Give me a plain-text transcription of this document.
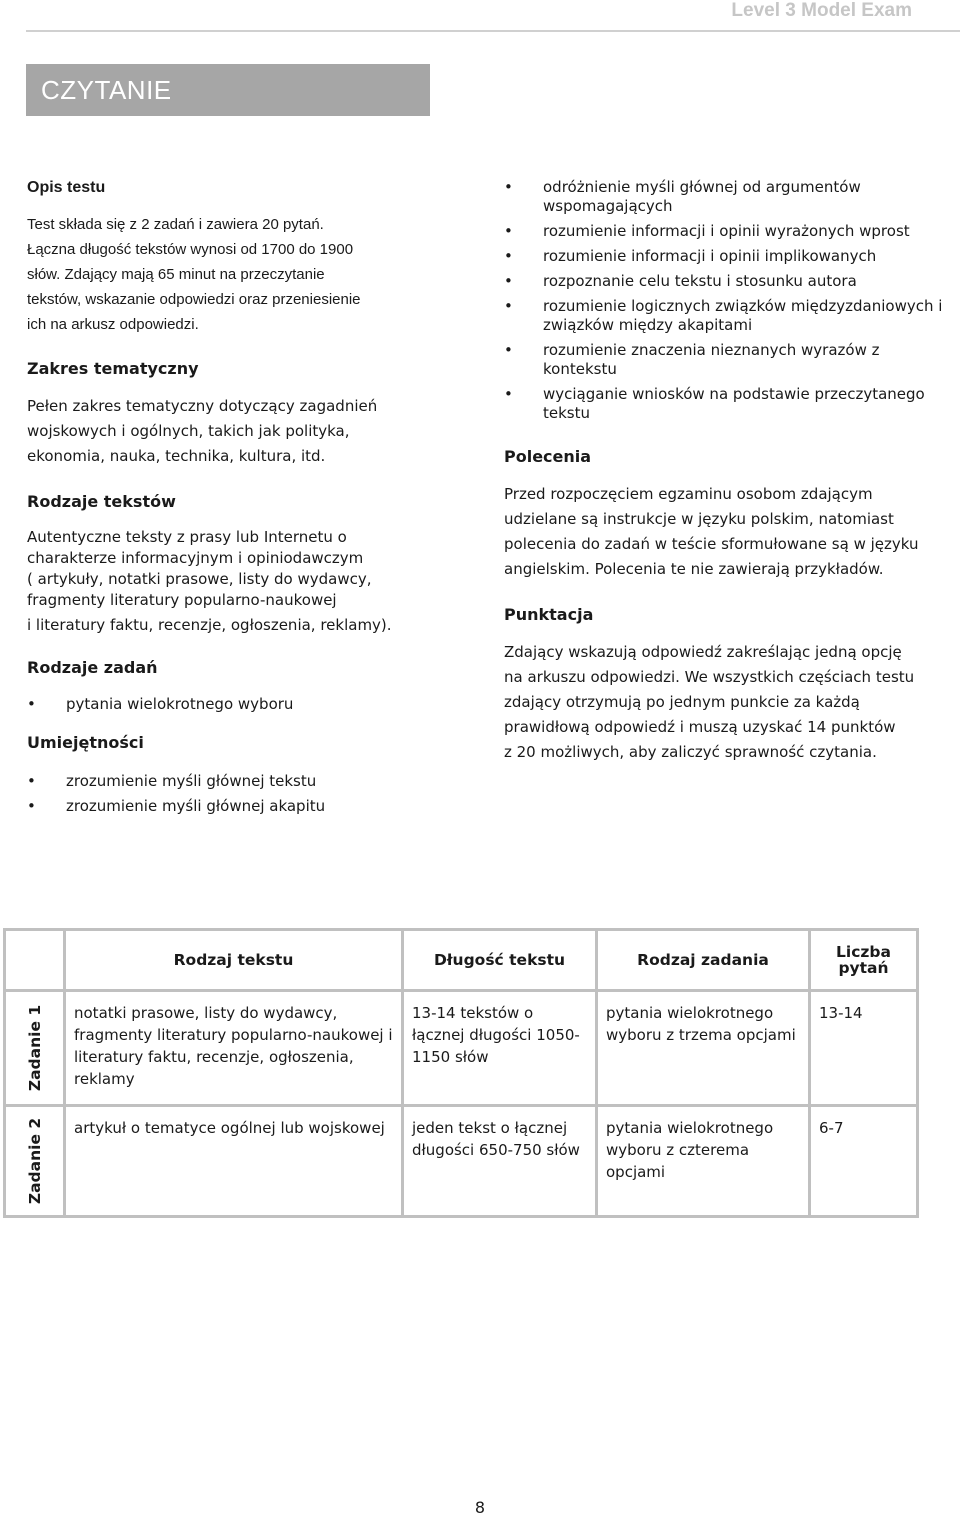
Level 3 Model Exam
CZYTANIE

Opis testu

Test składa się z 2 zadań i zawiera 20 pytań.

Łączna długość tekstów wynosi od 1700 do 1900

słów. Zdający mają 65 minut na przeczytanie

tekstów, wskazanie odpowiedzi oraz przeniesienie

ich na arkusz odpowiedzi.

Zakres tematyczny

Pełen zakres tematyczny dotyczący zagadnień

wojskowych i ogólnych, takich jak polityka,

ekonomia, nauka, technika, kultura, itd.

Rodzaje tekstów

Autentyczne teksty z prasy lub Internetu o

charakterze informacyjnym i opiniodawczym

( artykuły, notatki prasowe, listy do wydawcy,

fragmenty literatury popularno-naukowej

i literatury faktu, recenzje, ogłoszenia, reklamy).

Rodzaje zadań

• pytania wielokrotnego wyboru

Umiejętności

• zrozumienie myśli głównej tekstu
• zrozumienie myśli głównej akapitu
• odróżnienie myśli głównej od argumentów wspomagających
• rozumienie informacji i opinii wyrażonych wprost
• rozumienie informacji i opinii implikowanych
• rozpoznanie celu tekstu i stosunku autora
• rozumienie logicznych związków międzyzdaniowych i związków między akapitami
• rozumienie znaczenia nieznanych wyrazów z kontekstu
• wyciąganie wniosków na podstawie przeczytanego tekstu

Polecenia

Przed rozpoczęciem egzaminu osobom zdającym

udzielane są instrukcje w języku polskim, natomiast

polecenia do zadań w teście sformułowane są w języku

angielskim. Polecenia te nie zawierają przykładów.

Punktacja

Zdający wskazują odpowiedź zakreślając jedną opcję

na arkuszu odpowiedzi. We wszystkich częściach testu

zdający otrzymują po jednym punkcie za każdą

prawidłową odpowiedź i muszą uzyskać 14 punktów

z 20 możliwych, aby zaliczyć sprawność czytania.

	Rodzaj tekstu	Długość tekstu	Rodzaj zadania	Liczba pytań

Zadanie 1	notatki prasowe, listy do wydawcy, fragmenty literatury popularno-naukowej i literatury faktu, recenzje, ogłoszenia, reklamy	13-14 tekstów o łącznej długości 1050-1150 słów	pytania wielokrotnego wyboru z trzema opcjami	13-14

Zadanie 2	artykuł o tematyce ogólnej lub wojskowej	jeden tekst o łącznej długości 650-750 słów	pytania wielokrotnego wyboru z czterema opcjami	6-7
8
